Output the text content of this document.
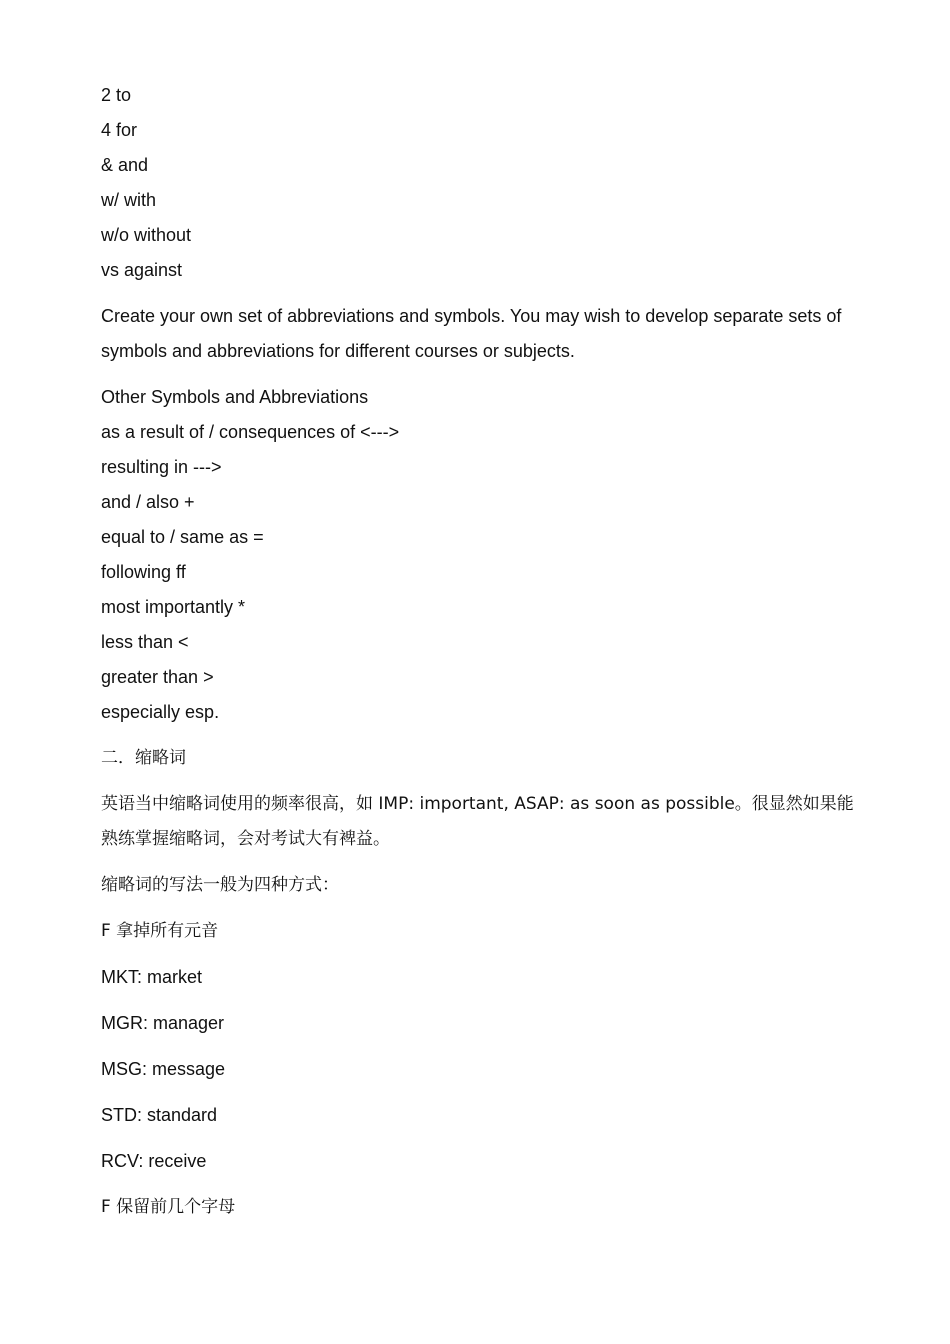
2 to

4 for

& and

w/ with

w/o without

vs against

Create your own set of abbreviations and symbols. You may wish to develop separate sets of symbols and abbreviations for different courses or subjects.

Other Symbols and Abbreviations

as a result of / consequences of <--->

resulting in --->

and / also +

equal to / same as =

following ff

most importantly *

less than <

greater than >

especially esp.

二．缩略词

英语当中缩略词使用的频率很高，如 IMP: important, ASAP: as soon as possible。很显然如果能熟练掌握缩略词，会对考试大有裨益。

缩略词的写法一般为四种方式：

F 拿掉所有元音

MKT: market

MGR: manager

MSG: message

STD: standard

RCV: receive

F 保留前几个字母
